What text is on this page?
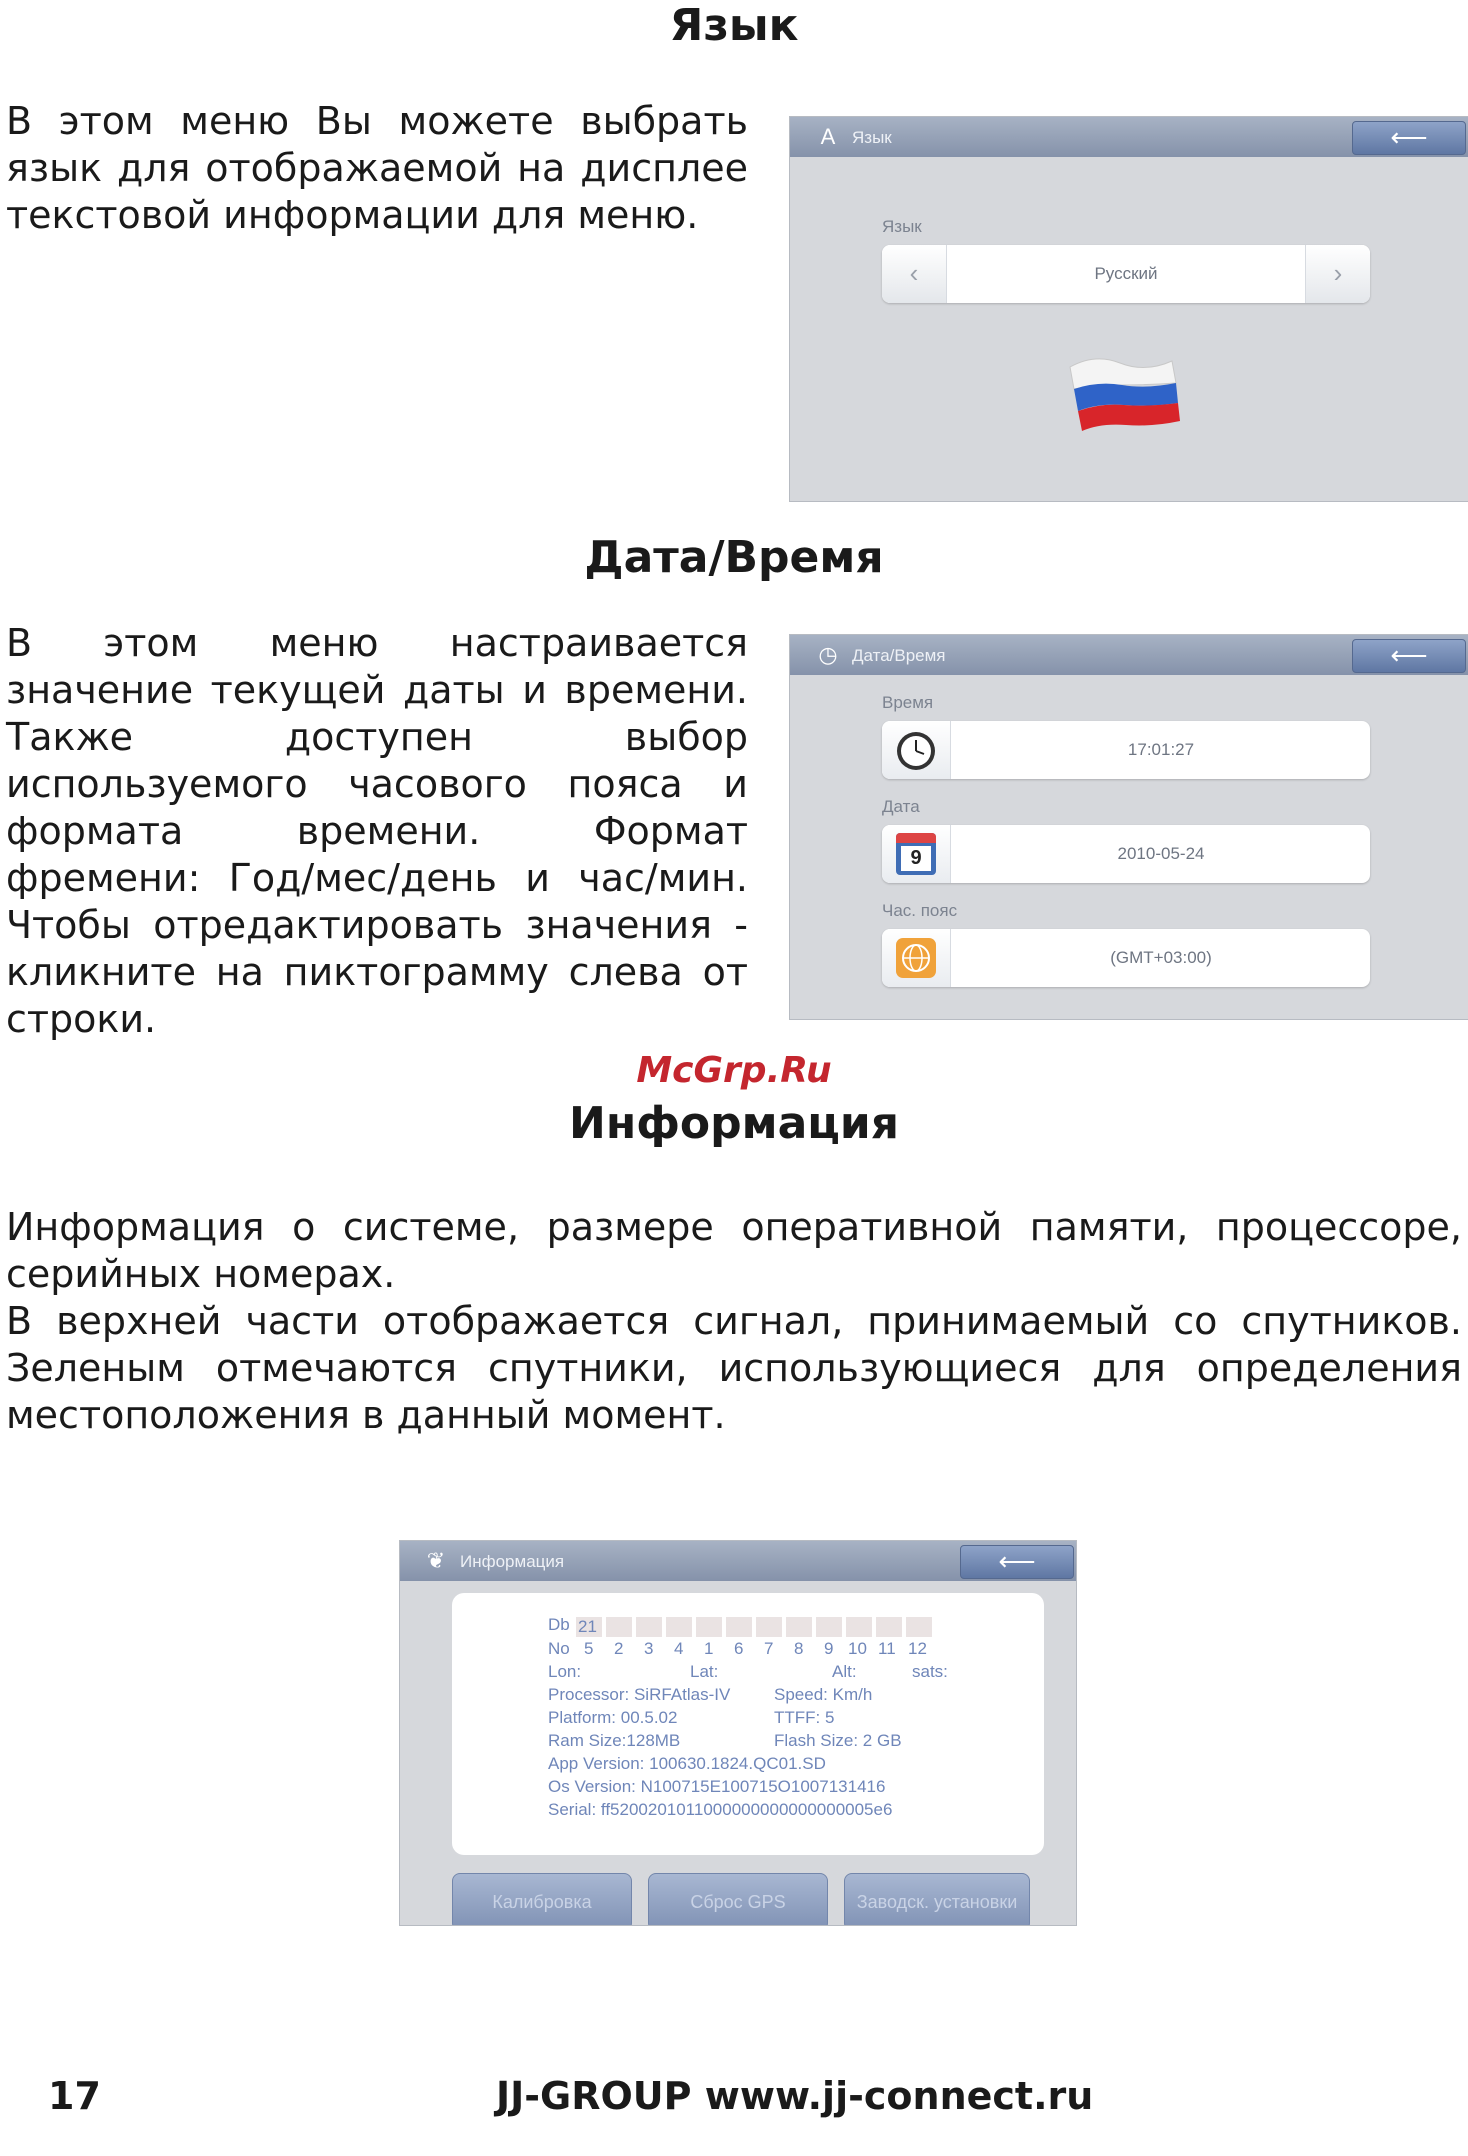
Язык
В этом меню Вы можете выбрать язык для отображаемой на дисплее текстовой информации для меню.
A Язык	⟵
Язык
‹	Русский	›
Дата/Время
В этом меню настраивается значение текущей даты и времени. Также доступен выбор используемого часового пояса и формата времени. Формат фремени: Год/мес/день и час/мин. Чтобы отредактировать значения - кликните на пиктограмму слева от строки.
◷ Дата/Время	⟵
Время
17:01:27
Дата
9	2010-05-24
Час. пояс
(GMT+03:00)
McGrp.Ru
Информация
Информация о системе, размере оперативной памяти, процессоре, серийных номерах.
В верхней части отображается сигнал, принимаемый со спутников. Зеленым отмечаются спутники, использующиеся для определения местоположения в данный момент.
❦ Информация	⟵
Db 21
No 5 2 3 4 1 6 7 8 9 10 11 12
Lon:	Lat:	Alt:	sats:
Processor: SiRFAtlas-IV	Speed: Km/h
Platform: 00.5.02	TTFF: 5
Ram Size:128MB	Flash Size: 2 GB
App Version: 100630.1824.QC01.SD
Os Version: N100715E100715O1007131416
Serial: ff5200201011000000000000000005e6
Калибровка	Сброс GPS	Заводск. установки
17	JJ-GROUP www.jj-connect.ru
